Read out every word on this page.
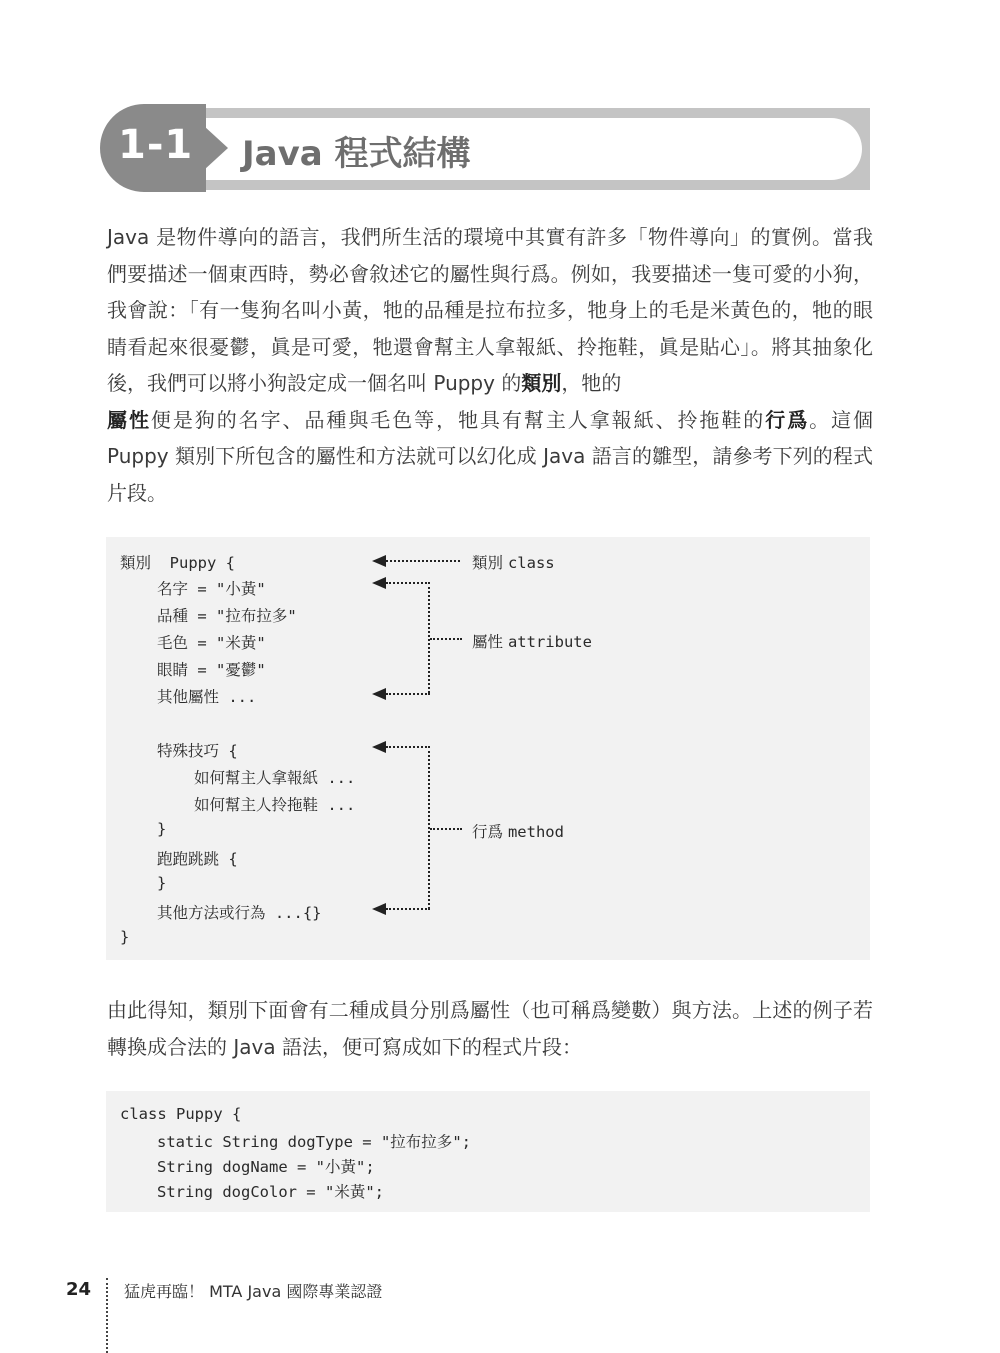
1-1 Java 程式結構
Java 是物件導向的語言，我們所生活的環境中其實有許多「物件導向」的實例。當我們要描述一個東西時，勢必會敘述它的屬性與行爲。例如，我要描述一隻可愛的小狗，我會說：「有一隻狗名叫小黃，牠的品種是拉布拉多，牠身上的毛是米黃色的，牠的眼睛看起來很憂鬱，眞是可愛，牠還會幫主人拿報紙、拎拖鞋，眞是貼心」。將其抽象化後，我們可以將小狗設定成一個名叫 Puppy 的類別，牠的
屬性便是狗的名字、品種與毛色等，牠具有幫主人拿報紙、拎拖鞋的行爲。這個 Puppy 類別下所包含的屬性和方法就可以幻化成 Java 語言的雛型，請參考下列的程式片段。
類別  Puppy {
名字 = "小黃"
品種 = "拉布拉多"
毛色 = "米黃"
眼睛 = "憂鬱"
其他屬性 ...
特殊技巧 {
如何幫主人拿報紙 ...
如何幫主人拎拖鞋 ...
}
跑跑跳跳 {
}
其他方法或行為 ...{}
}
類別 class
屬性 attribute
行爲 method
由此得知，類別下面會有二種成員分別爲屬性（也可稱爲變數）與方法。上述的例子若轉換成合法的 Java 語法，便可寫成如下的程式片段：
class Puppy {
static String dogType = "拉布拉多";
String dogName = "小黃";
String dogColor = "米黃";
24 猛虎再臨！ MTA Java 國際專業認證
